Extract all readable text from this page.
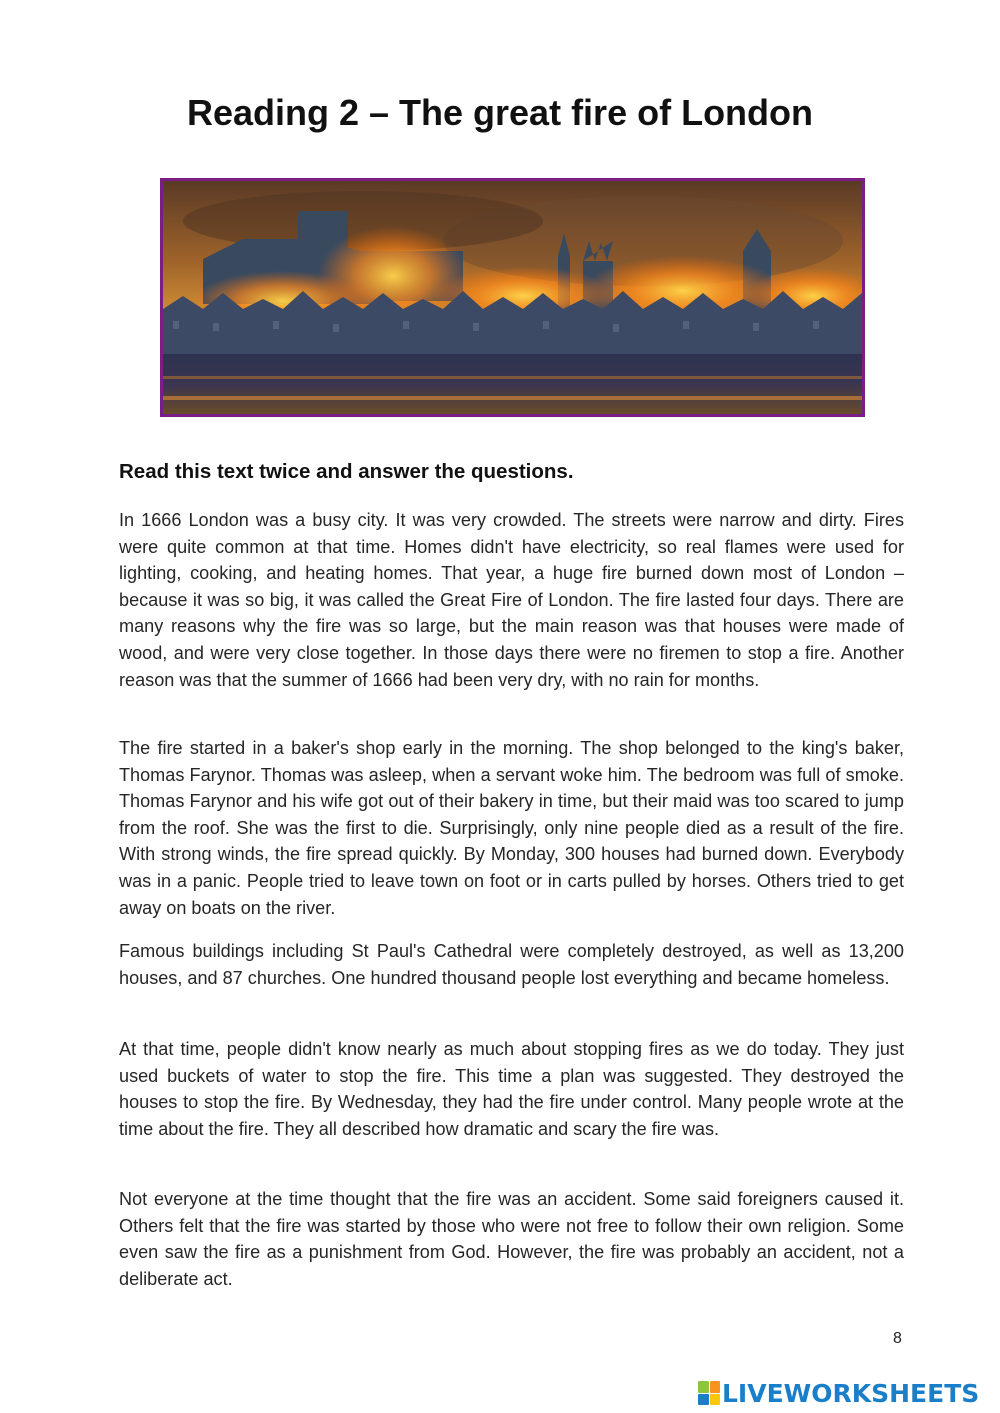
Reading 2 – The great fire of London

Read this text twice and answer the questions.

In 1666 London was a busy city. It was very crowded. The streets were narrow and dirty. Fires were quite common at that time. Homes didn't have electricity, so real flames were used for lighting, cooking, and heating homes. That year, a huge fire burned down most of London – because it was so big, it was called the Great Fire of London. The fire lasted four days. There are many reasons why the fire was so large, but the main reason was that houses were made of wood, and were very close together. In those days there were no firemen to stop a fire. Another reason was that the summer of 1666 had been very dry, with no rain for months.

The fire started in a baker's shop early in the morning. The shop belonged to the king's baker, Thomas Farynor. Thomas was asleep, when a servant woke him. The bedroom was full of smoke. Thomas Farynor and his wife got out of their bakery in time, but their maid was too scared to jump from the roof. She was the first to die. Surprisingly, only nine people died as a result of the fire. With strong winds, the fire spread quickly. By Monday, 300 houses had burned down. Everybody was in a panic. People tried to leave town on foot or in carts pulled by horses. Others tried to get away on boats on the river.

Famous buildings including St Paul's Cathedral were completely destroyed, as well as 13,200 houses, and 87 churches. One hundred thousand people lost everything and became homeless.

At that time, people didn't know nearly as much about stopping fires as we do today. They just used buckets of water to stop the fire. This time a plan was suggested. They destroyed the houses to stop the fire. By Wednesday, they had the fire under control. Many people wrote at the time about the fire. They all described how dramatic and scary the fire was.

Not everyone at the time thought that the fire was an accident. Some said foreigners caused it. Others felt that the fire was started by those who were not free to follow their own religion. Some even saw the fire as a punishment from God. However, the fire was probably an accident, not a deliberate act.

8
LIVEWORKSHEETS
